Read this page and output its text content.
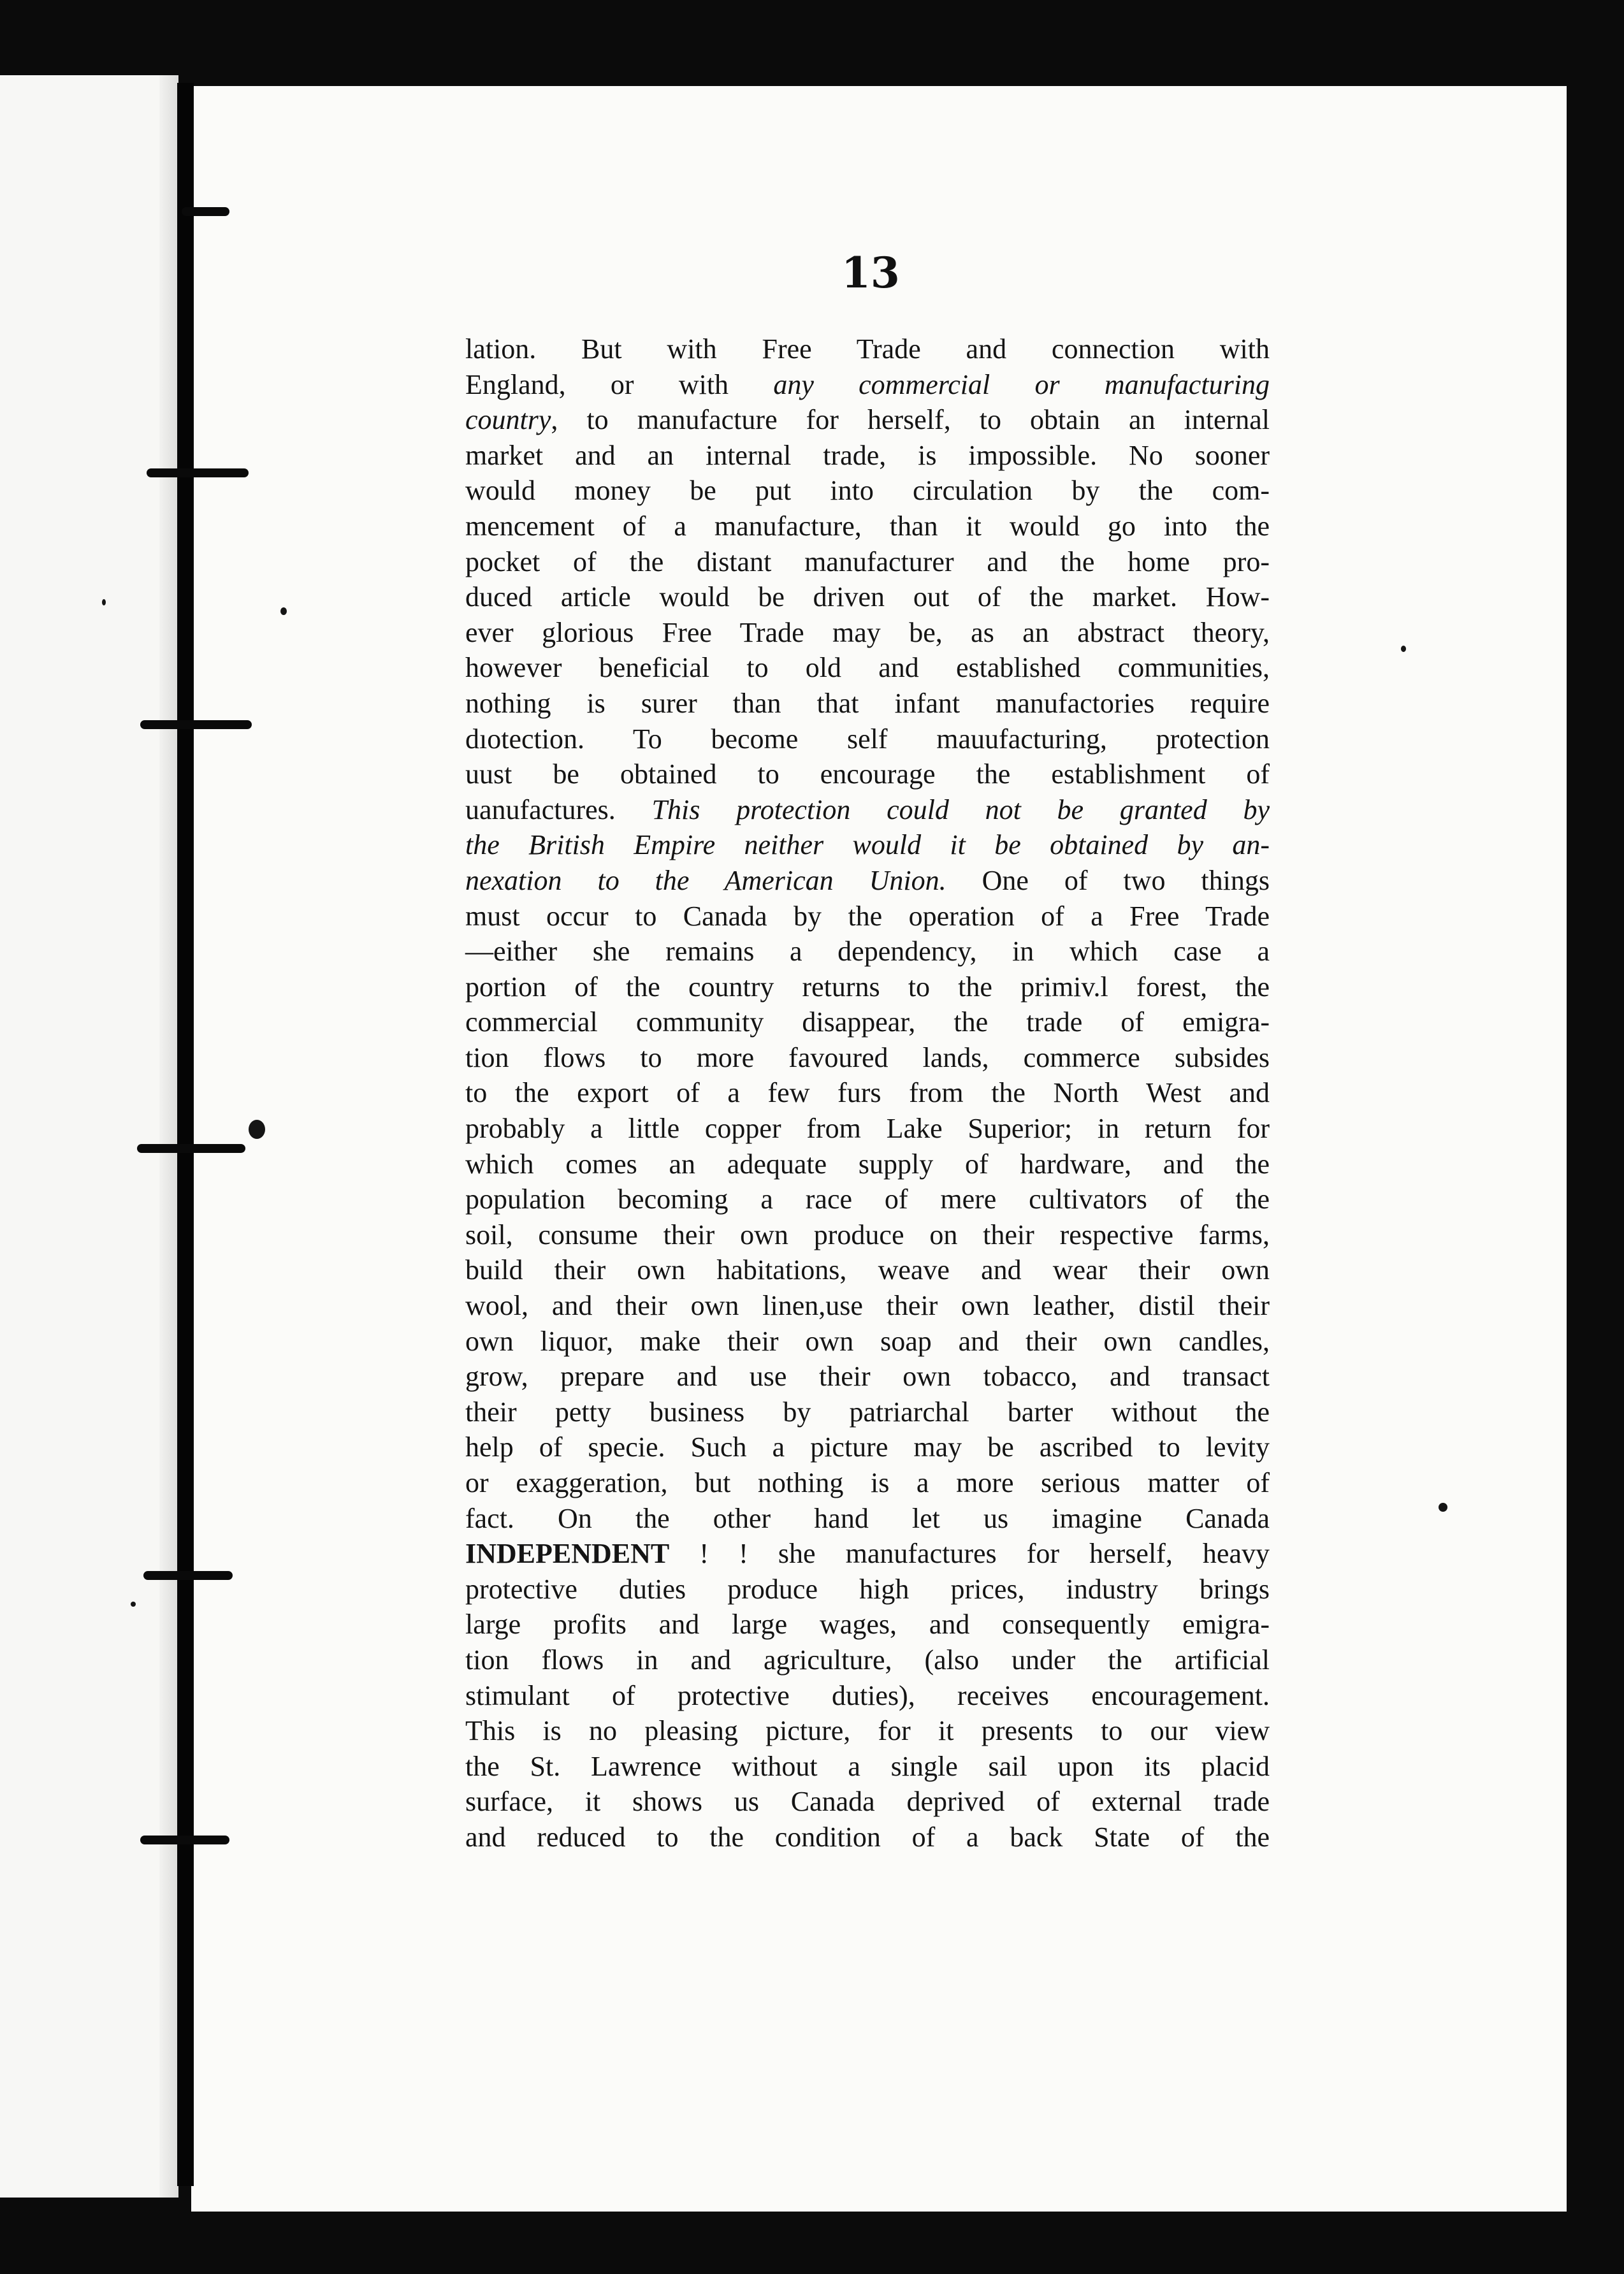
13
lation. But with Free Trade and connection with
England, or with any commercial or manufacturing
country, to manufacture for herself, to obtain an internal
market and an internal trade, is impossible. No sooner
would money be put into circulation by the com-
mencement of a manufacture, than it would go into the
pocket of the distant manufacturer and the home pro-
duced article would be driven out of the market. How-
ever glorious Free Trade may be, as an abstract theory,
however beneficial to old and established communities,
nothing is surer than that infant manufactories require
dıotection. To become self mauufacturing, protection
uust be obtained to encourage the establishment of
uanufactures. This protection could not be granted by
the British Empire neither would it be obtained by an-
nexation to the American Union. One of two things
must occur to Canada by the operation of a Free Trade
—either she remains a dependency, in which case a
portion of the country returns to the primiv.l forest, the
commercial community disappear, the trade of emigra-
tion flows to more favoured lands, commerce subsides
to the export of a few furs from the North West and
probably a little copper from Lake Superior; in return for
which comes an adequate supply of hardware, and the
population becoming a race of mere cultivators of the
soil, consume their own produce on their respective farms,
build their own habitations, weave and wear their own
wool, and their own linen,use their own leather, distil their
own liquor, make their own soap and their own candles,
grow, prepare and use their own tobacco, and transact
their petty business by patriarchal barter without the
help of specie. Such a picture may be ascribed to levity
or exaggeration, but nothing is a more serious matter of
fact. On the other hand let us imagine Canada
INDEPENDENT ! ! she manufactures for herself, heavy
protective duties produce high prices, industry brings
large profits and large wages, and consequently emigra-
tion flows in and agriculture, (also under the artificial
stimulant of protective duties), receives encouragement.
This is no pleasing picture, for it presents to our view
the St. Lawrence without a single sail upon its placid
surface, it shows us Canada deprived of external trade
and reduced to the condition of a back State of the
